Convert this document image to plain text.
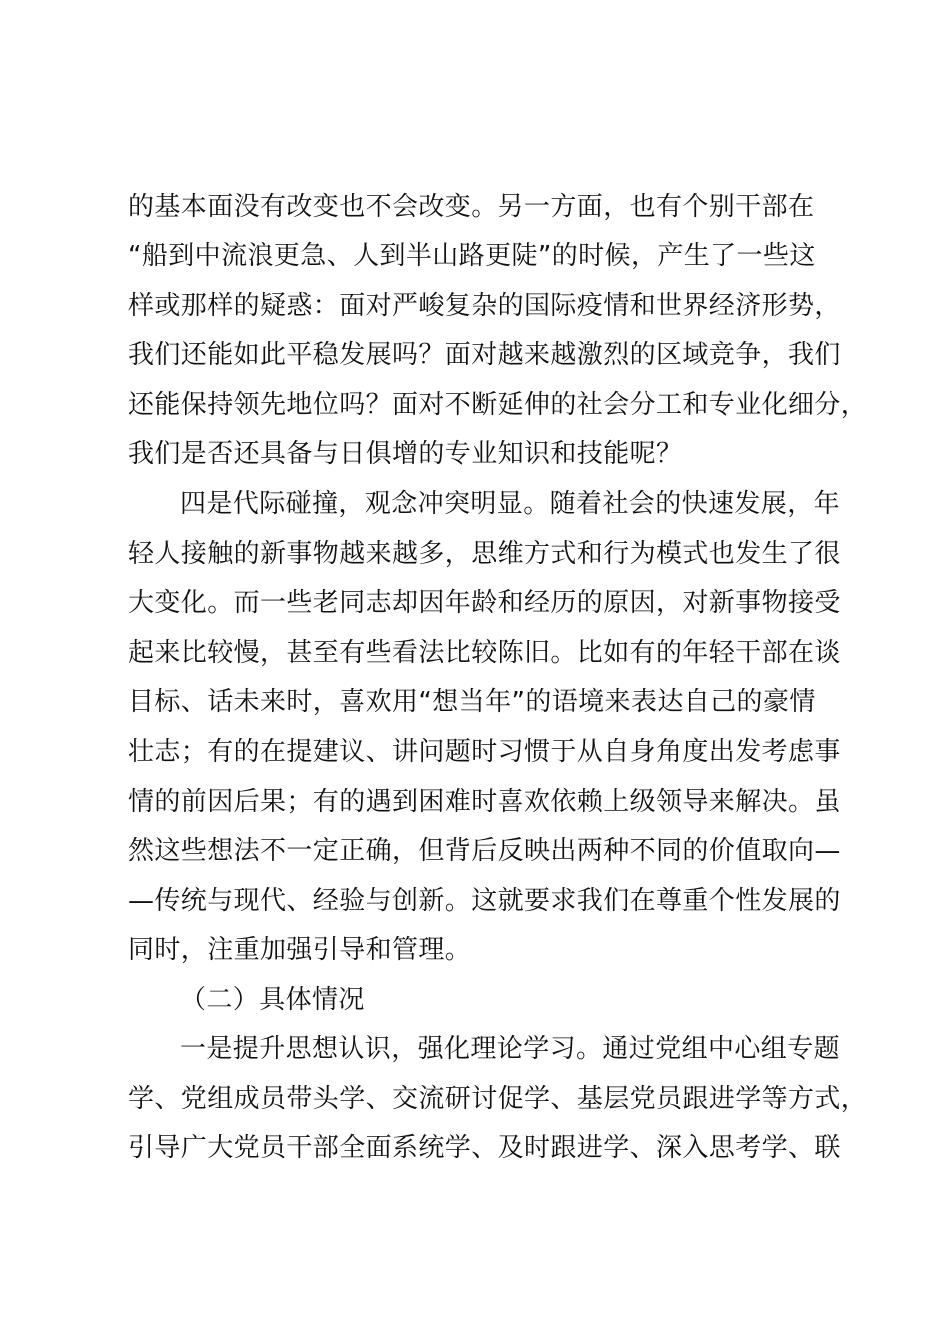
的基本面没有改变也不会改变。另一方面，也有个别干部在
“船到中流浪更急、人到半山路更陡”的时候，产生了一些这
样或那样的疑惑：面对严峻复杂的国际疫情和世界经济形势，
我们还能如此平稳发展吗？面对越来越激烈的区域竞争，我们
还能保持领先地位吗？面对不断延伸的社会分工和专业化细分，
我们是否还具备与日俱增的专业知识和技能呢？
四是代际碰撞，观念冲突明显。随着社会的快速发展，年
轻人接触的新事物越来越多，思维方式和行为模式也发生了很
大变化。而一些老同志却因年龄和经历的原因，对新事物接受
起来比较慢，甚至有些看法比较陈旧。比如有的年轻干部在谈
目标、话未来时，喜欢用“想当年”的语境来表达自己的豪情
壮志；有的在提建议、讲问题时习惯于从自身角度出发考虑事
情的前因后果；有的遇到困难时喜欢依赖上级领导来解决。虽
然这些想法不一定正确，但背后反映出两种不同的价值取向—
—传统与现代、经验与创新。这就要求我们在尊重个性发展的
同时，注重加强引导和管理。
（二）具体情况
一是提升思想认识，强化理论学习。通过党组中心组专题
学、党组成员带头学、交流研讨促学、基层党员跟进学等方式，
引导广大党员干部全面系统学、及时跟进学、深入思考学、联
